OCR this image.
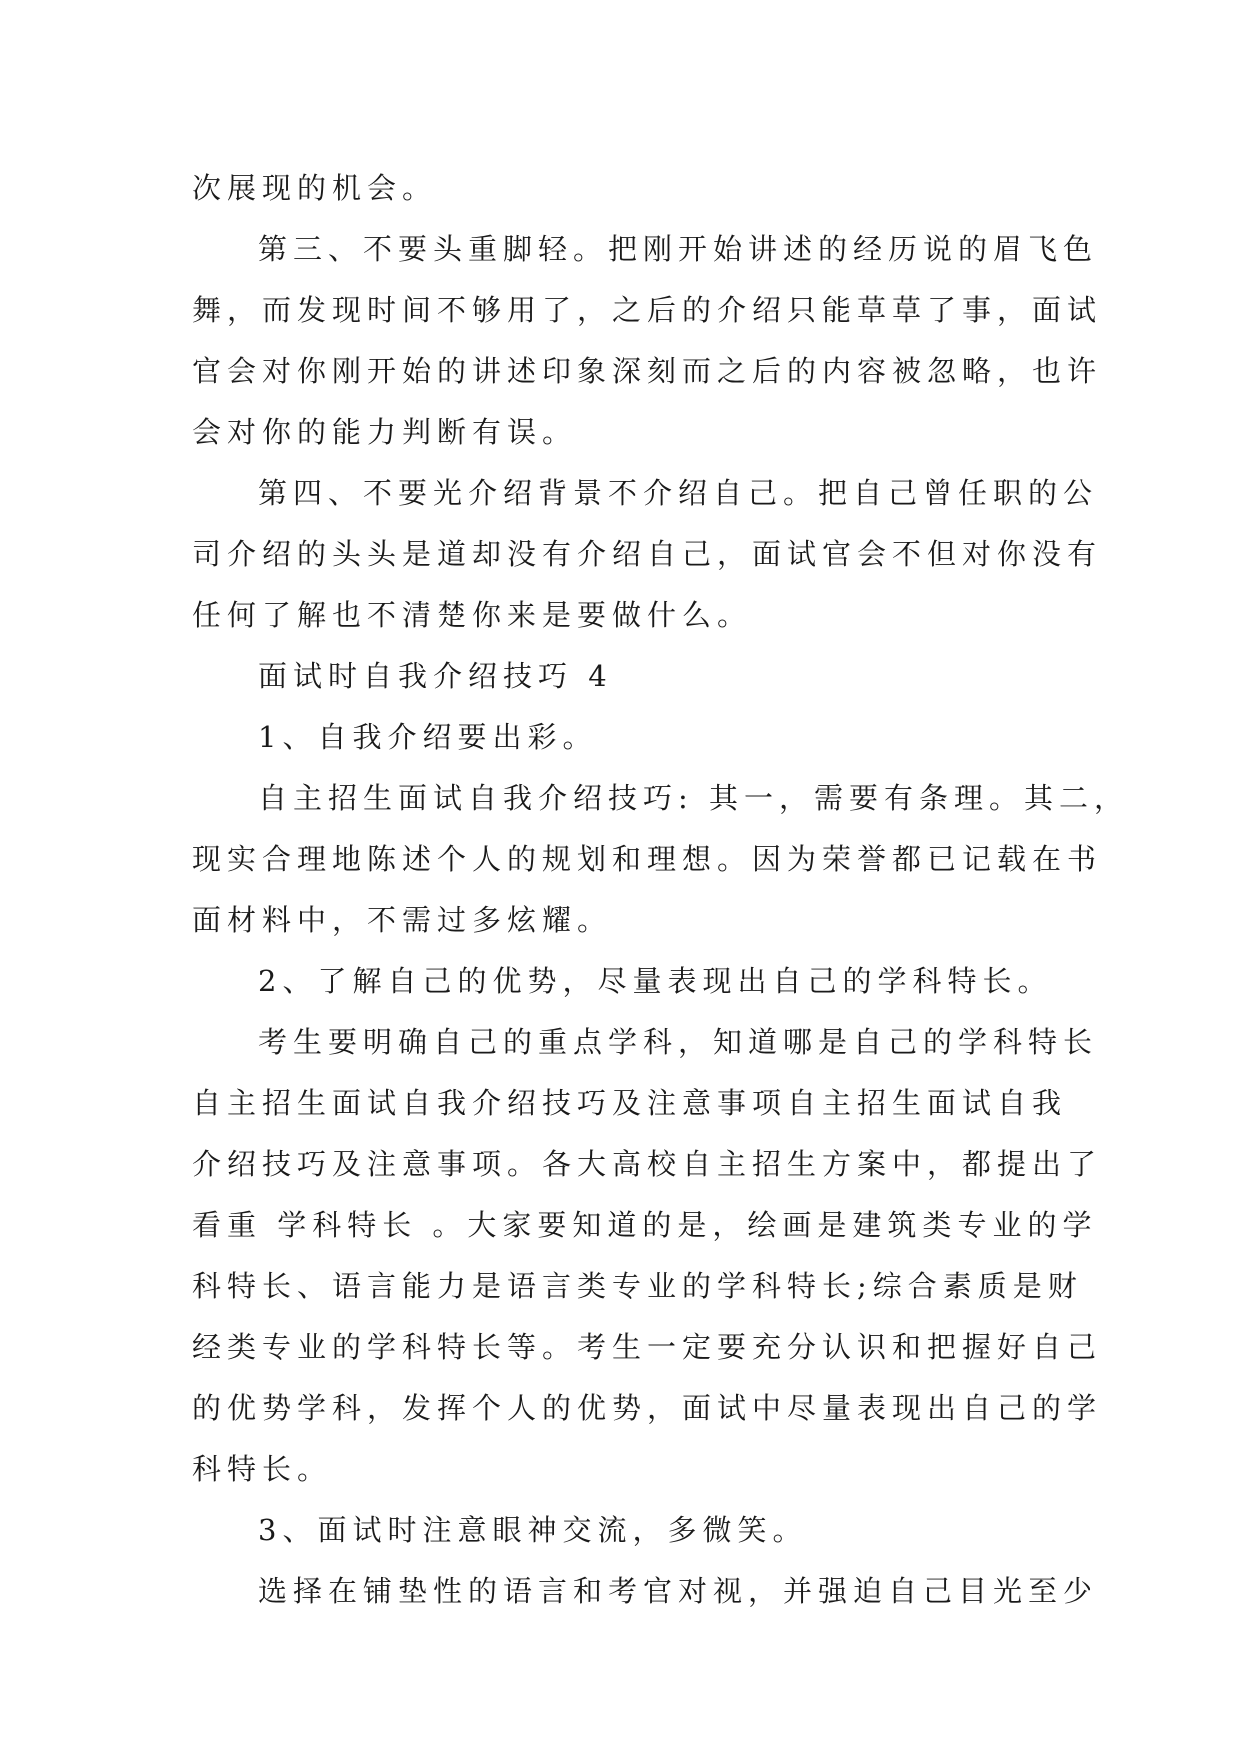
次展现的机会。

第三、不要头重脚轻。把刚开始讲述的经历说的眉飞色

舞，而发现时间不够用了，之后的介绍只能草草了事，面试

官会对你刚开始的讲述印象深刻而之后的内容被忽略，也许

会对你的能力判断有误。

第四、不要光介绍背景不介绍自己。把自己曾任职的公

司介绍的头头是道却没有介绍自己，面试官会不但对你没有

任何了解也不清楚你来是要做什么。

面试时自我介绍技巧 4

1、自我介绍要出彩。

自主招生面试自我介绍技巧: 其一，需要有条理。其二，

现实合理地陈述个人的规划和理想。因为荣誉都已记载在书

面材料中，不需过多炫耀。

2、了解自己的优势，尽量表现出自己的学科特长。

考生要明确自己的重点学科，知道哪是自己的学科特长

自主招生面试自我介绍技巧及注意事项自主招生面试自我

介绍技巧及注意事项。各大高校自主招生方案中，都提出了

看重 学科特长 。大家要知道的是，绘画是建筑类专业的学

科特长、语言能力是语言类专业的学科特长;综合素质是财

经类专业的学科特长等。考生一定要充分认识和把握好自己

的优势学科，发挥个人的优势，面试中尽量表现出自己的学

科特长。

3、面试时注意眼神交流，多微笑。

选择在铺垫性的语言和考官对视，并强迫自己目光至少
